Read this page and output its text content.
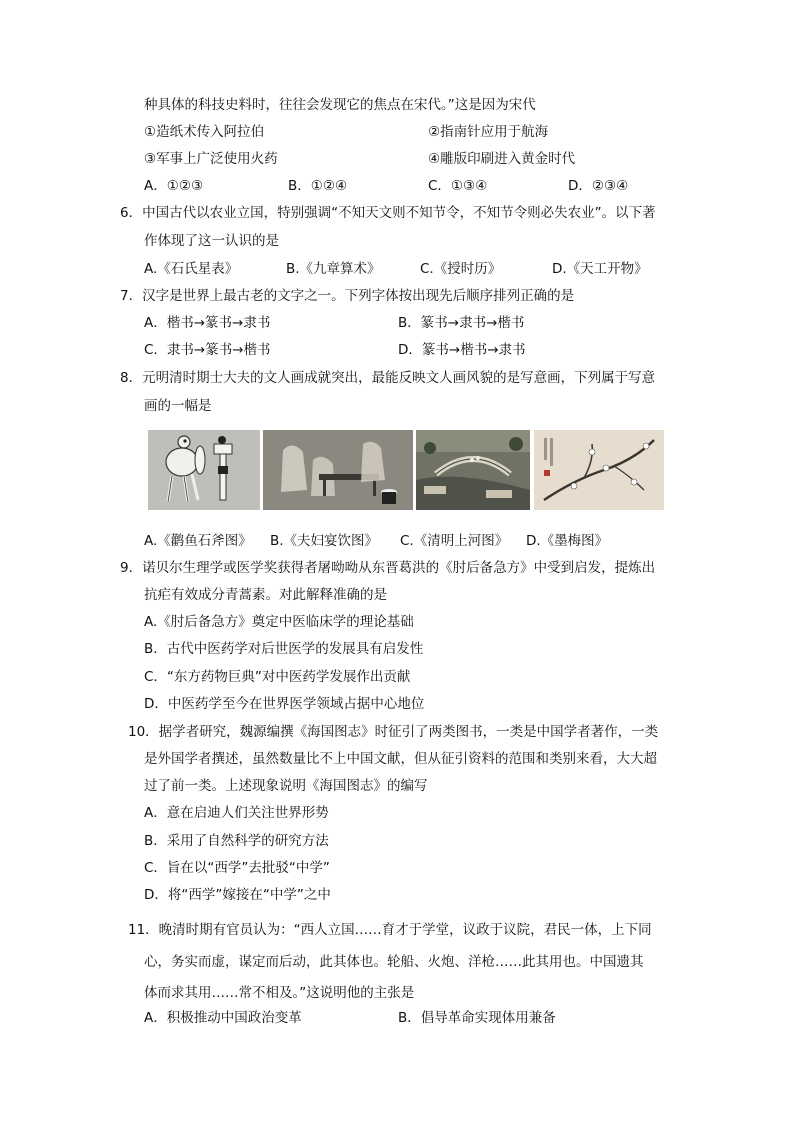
种具体的科技史料时，往往会发现它的焦点在宋代。”这是因为宋代
①造纸术传入阿拉伯	②指南针应用于航海
③军事上广泛使用火药	④雕版印刷进入黄金时代
A．①②③	B．①②④	C．①③④	D．②③④
6．中国古代以农业立国，特别强调“不知天文则不知节令，不知节令则必失农业”。以下著
作体现了这一认识的是
A.《石氏星表》	B.《九章算术》	C.《授时历》	D.《天工开物》
7．汉字是世界上最古老的文字之一。下列字体按出现先后顺序排列正确的是
A．楷书→篆书→隶书	B．篆书→隶书→楷书
C．隶书→篆书→楷书	D．篆书→楷书→隶书
8．元明清时期士大夫的文人画成就突出，最能反映文人画风貌的是写意画，下列属于写意
画的一幅是
A.《鹳鱼石斧图》 B.《夫妇宴饮图》 C.《清明上河图》 D.《墨梅图》
9．诺贝尔生理学或医学奖获得者屠呦呦从东晋葛洪的《肘后备急方》中受到启发，提炼出
抗疟有效成分青蒿素。对此解释准确的是
A.《肘后备急方》奠定中医临床学的理论基础
B．古代中医药学对后世医学的发展具有启发性
C．“东方药物巨典”对中医药学发展作出贡献
D．中医药学至今在世界医学领域占据中心地位
10．据学者研究，魏源编撰《海国图志》时征引了两类图书，一类是中国学者著作，一类
是外国学者撰述，虽然数量比不上中国文献，但从征引资料的范围和类别来看，大大超
过了前一类。上述现象说明《海国图志》的编写
A．意在启迪人们关注世界形势
B．采用了自然科学的研究方法
C．旨在以“西学”去批驳“中学”
D．将“西学”嫁接在“中学”之中
11．晚清时期有官员认为：“西人立国……育才于学堂，议政于议院，君民一体，上下同
心，务实而虚，谋定而后动，此其体也。轮船、火炮、洋枪……此其用也。中国遗其
体而求其用……常不相及。”这说明他的主张是
A．积极推动中国政治变革	B．倡导革命实现体用兼备
